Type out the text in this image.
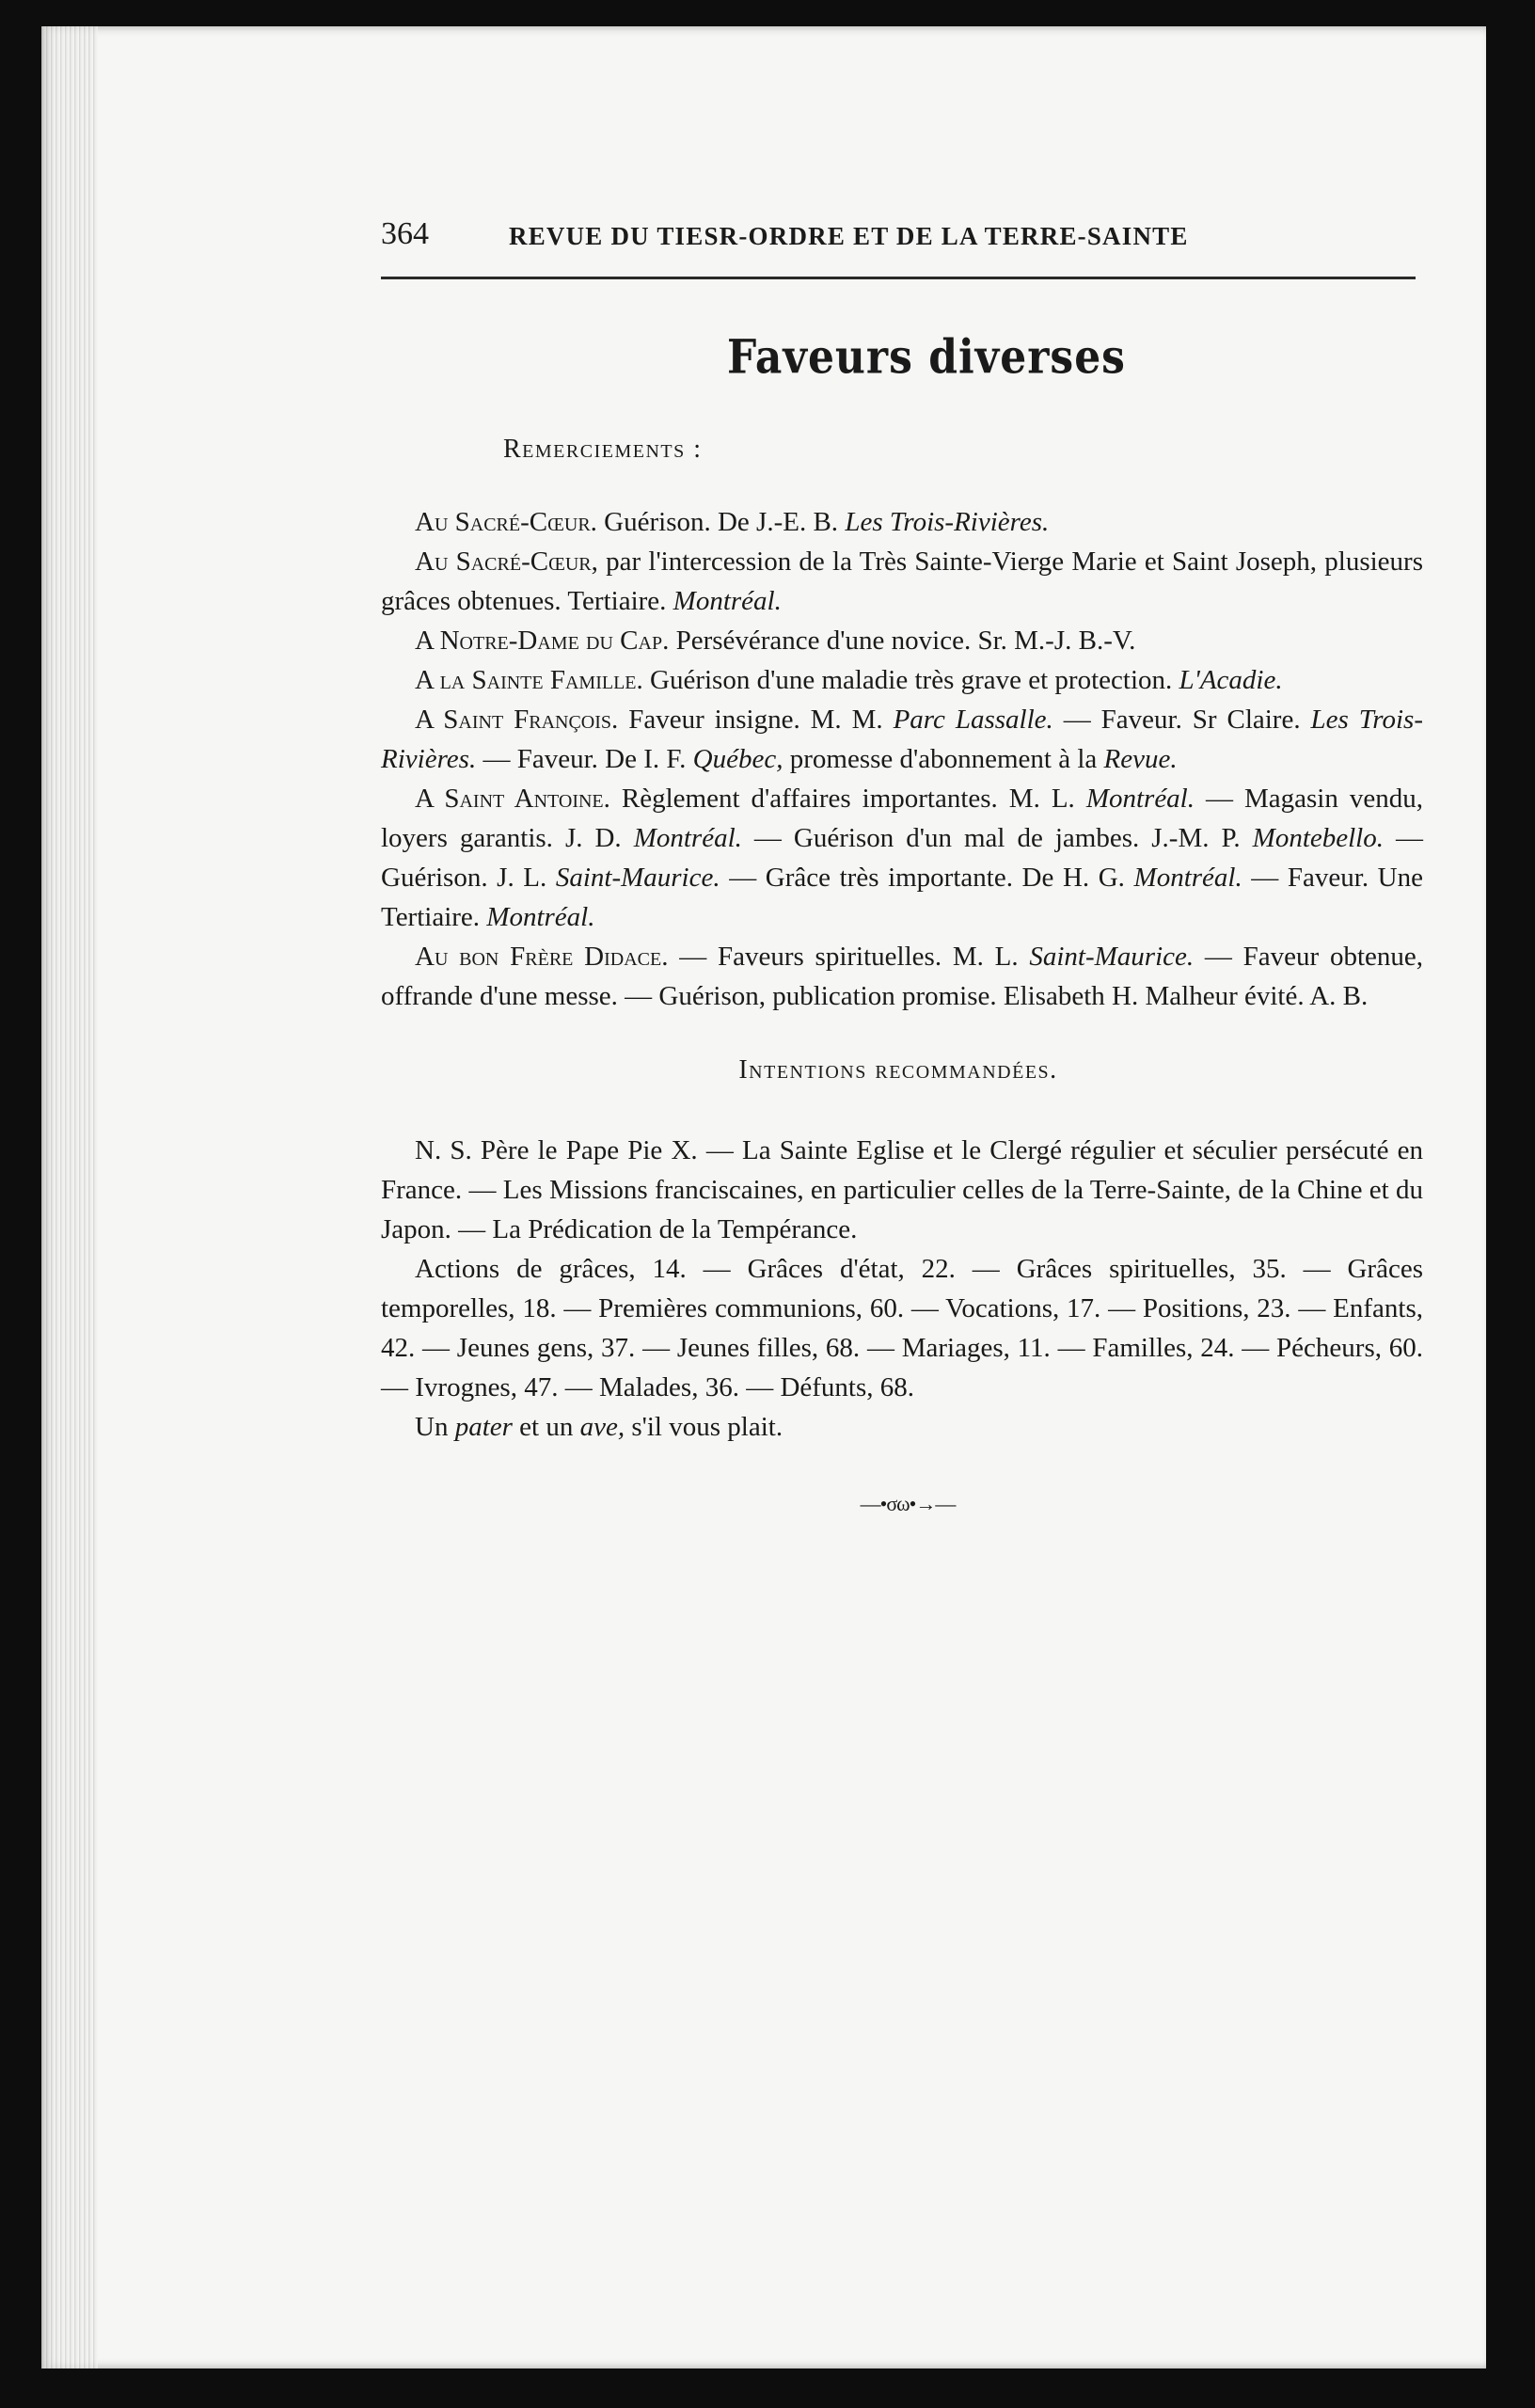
364	REVUE DU TIESR-ORDRE ET DE LA TERRE-SAINTE
Faveurs diverses
Remerciements :

Au Sacré-Cœur. Guérison. De J.-E. B. Les Trois-Rivières.

Au Sacré-Cœur, par l'intercession de la Très Sainte-Vierge Marie et Saint Joseph, plusieurs grâces obtenues. Tertiaire. Montréal.

A Notre-Dame du Cap. Persévérance d'une novice. Sr. M.-J. B.-V.

A la Sainte Famille. Guérison d'une maladie très grave et protection. L'Acadie.

A Saint François. Faveur insigne. M. M. Parc Lassalle. — Faveur. Sr Claire. Les Trois-Rivières. — Faveur. De I. F. Québec, promesse d'abonnement à la Revue.

A Saint Antoine. Règlement d'affaires importantes. M. L. Montréal. — Magasin vendu, loyers garantis. J. D. Montréal. — Guérison d'un mal de jambes. J.-M. P. Montebello. — Guérison. J. L. Saint-Maurice. — Grâce très importante. De H. G. Montréal. — Faveur. Une Tertiaire. Montréal.

Au bon Frère Didace. — Faveurs spirituelles. M. L. Saint-Maurice. — Faveur obtenue, offrande d'une messe. — Guérison, publication promise. Elisabeth H. Malheur évité. A. B.

Intentions recommandées.

N. S. Père le Pape Pie X. — La Sainte Eglise et le Clergé régulier et séculier persécuté en France. — Les Missions franciscaines, en particulier celles de la Terre-Sainte, de la Chine et du Japon. — La Prédication de la Tempérance.

Actions de grâces, 14. — Grâces d'état, 22. — Grâces spirituelles, 35. — Grâces temporelles, 18. — Premières communions, 60. — Vocations, 17. — Positions, 23. — Enfants, 42. — Jeunes gens, 37. — Jeunes filles, 68. — Mariages, 11. — Familles, 24. — Pécheurs, 60. — Ivrognes, 47. — Malades, 36. — Défunts, 68.

Un pater et un ave, s'il vous plait.

—•σω•→—
